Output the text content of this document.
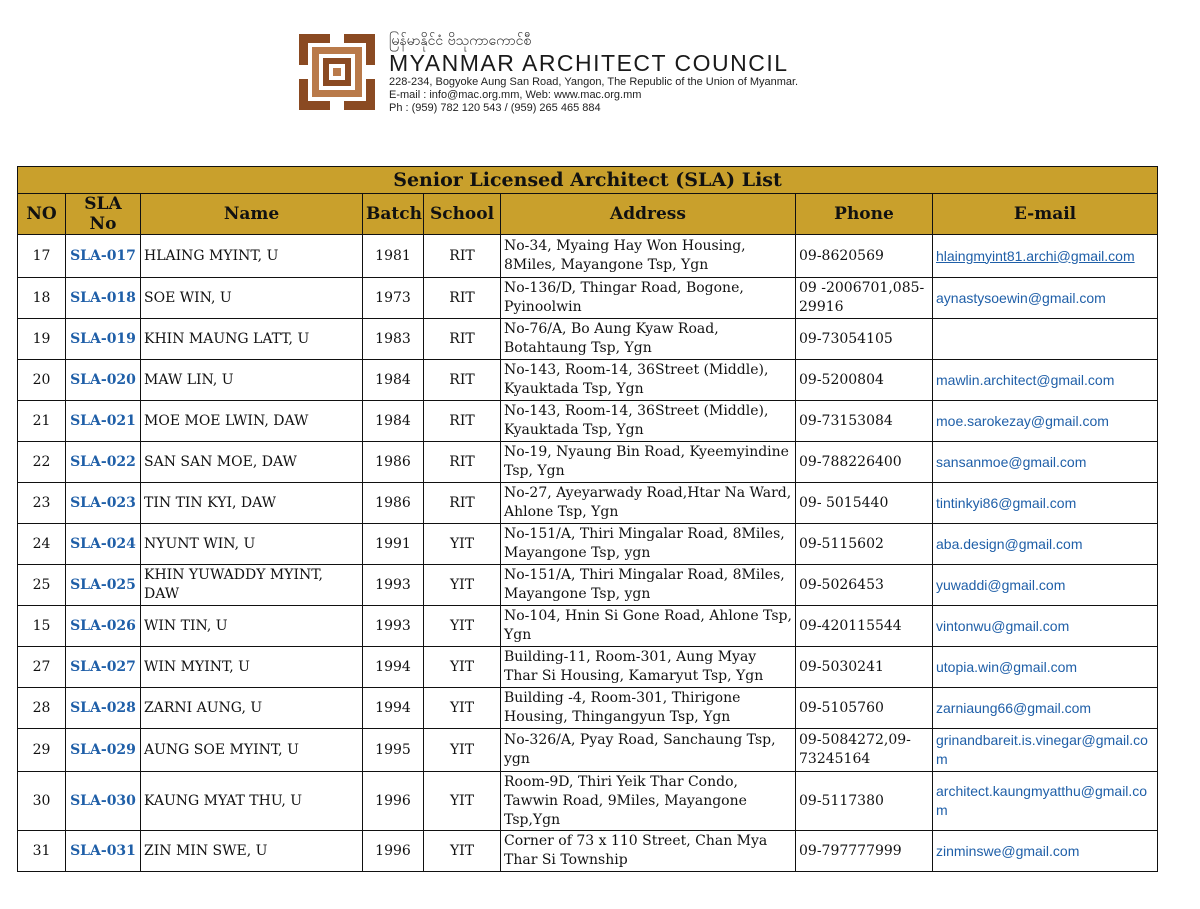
မြန်မာနိုင်ငံ ဗိသုကာကောင်စီ
MYANMAR ARCHITECT COUNCIL
228-234, Bogyoke Aung San Road, Yangon, The Republic of the Union of Myanmar.
E-mail : info@mac.org.mm, Web: www.mac.org.mm
Ph : (959) 782 120 543 / (959) 265 465 884
Senior Licensed Architect (SLA) List							
NO	SLA No	Name	Batch	School	Address	Phone	E-mail
17	SLA-017	HLAING MYINT, U	1981	RIT	No-34, Myaing Hay Won Housing, 8Miles, Mayangone Tsp, Ygn	09-8620569	hlaingmyint81.archi@gmail.com
18	SLA-018	SOE WIN, U	1973	RIT	No-136/D, Thingar Road, Bogone, Pyinoolwin	09 -2006701,085-29916	aynastysoewin@gmail.com
19	SLA-019	KHIN MAUNG LATT, U	1983	RIT	No-76/A, Bo Aung Kyaw Road, Botahtaung Tsp, Ygn	09-73054105	
20	SLA-020	MAW LIN, U	1984	RIT	No-143, Room-14, 36Street (Middle), Kyauktada Tsp, Ygn	09-5200804	mawlin.architect@gmail.com
21	SLA-021	MOE MOE LWIN, DAW	1984	RIT	No-143, Room-14, 36Street (Middle), Kyauktada Tsp, Ygn	09-73153084	moe.sarokezay@gmail.com
22	SLA-022	SAN SAN MOE, DAW	1986	RIT	No-19, Nyaung Bin Road, Kyeemyindine Tsp, Ygn	09-788226400	sansanmoe@gmail.com
23	SLA-023	TIN TIN KYI, DAW	1986	RIT	No-27, Ayeyarwady Road,Htar Na Ward, Ahlone Tsp, Ygn	09- 5015440	tintinkyi86@gmail.com
24	SLA-024	NYUNT WIN, U	1991	YIT	No-151/A, Thiri Mingalar Road, 8Miles, Mayangone Tsp, ygn	09-5115602	aba.design@gmail.com
25	SLA-025	KHIN YUWADDY MYINT, DAW	1993	YIT	No-151/A, Thiri Mingalar Road, 8Miles, Mayangone Tsp, ygn	09-5026453	yuwaddi@gmail.com
15	SLA-026	WIN TIN, U	1993	YIT	No-104, Hnin Si Gone Road, Ahlone Tsp, Ygn	09-420115544	vintonwu@gmail.com
27	SLA-027	WIN MYINT, U	1994	YIT	Building-11, Room-301, Aung Myay Thar Si Housing, Kamaryut Tsp, Ygn	09-5030241	utopia.win@gmail.com
28	SLA-028	ZARNI AUNG, U	1994	YIT	Building -4, Room-301, Thirigone Housing, Thingangyun Tsp, Ygn	09-5105760	zarniaung66@gmail.com
29	SLA-029	AUNG SOE MYINT, U	1995	YIT	No-326/A, Pyay Road, Sanchaung Tsp, ygn	09-5084272,09-73245164	grinandbareit.is.vinegar@gmail.com
30	SLA-030	KAUNG MYAT THU, U	1996	YIT	Room-9D, Thiri Yeik Thar Condo, Tawwin Road, 9Miles, Mayangone Tsp,Ygn	09-5117380	architect.kaungmyatthu@gmail.com
31	SLA-031	ZIN MIN SWE, U	1996	YIT	Corner of 73 x 110 Street, Chan Mya Thar Si Township	09-797777999	zinminswe@gmail.com
